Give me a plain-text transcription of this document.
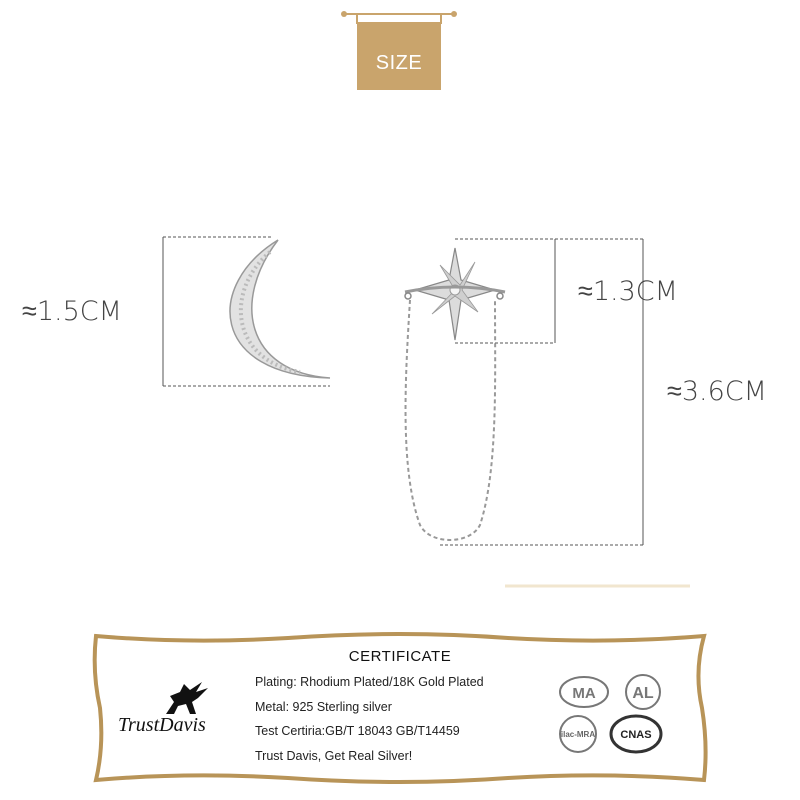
SIZE
≈1.5CM
≈1.3CM
≈3.6CM
CERTIFICATE
TrustDavis
Plating: Rhodium Plated/18K Gold Plated
Metal: 925 Sterling silver
Test Certiria:GB/T 18043 GB/T14459
Trust Davis, Get Real Silver!
MA AL
ilac-MRA CNAS
